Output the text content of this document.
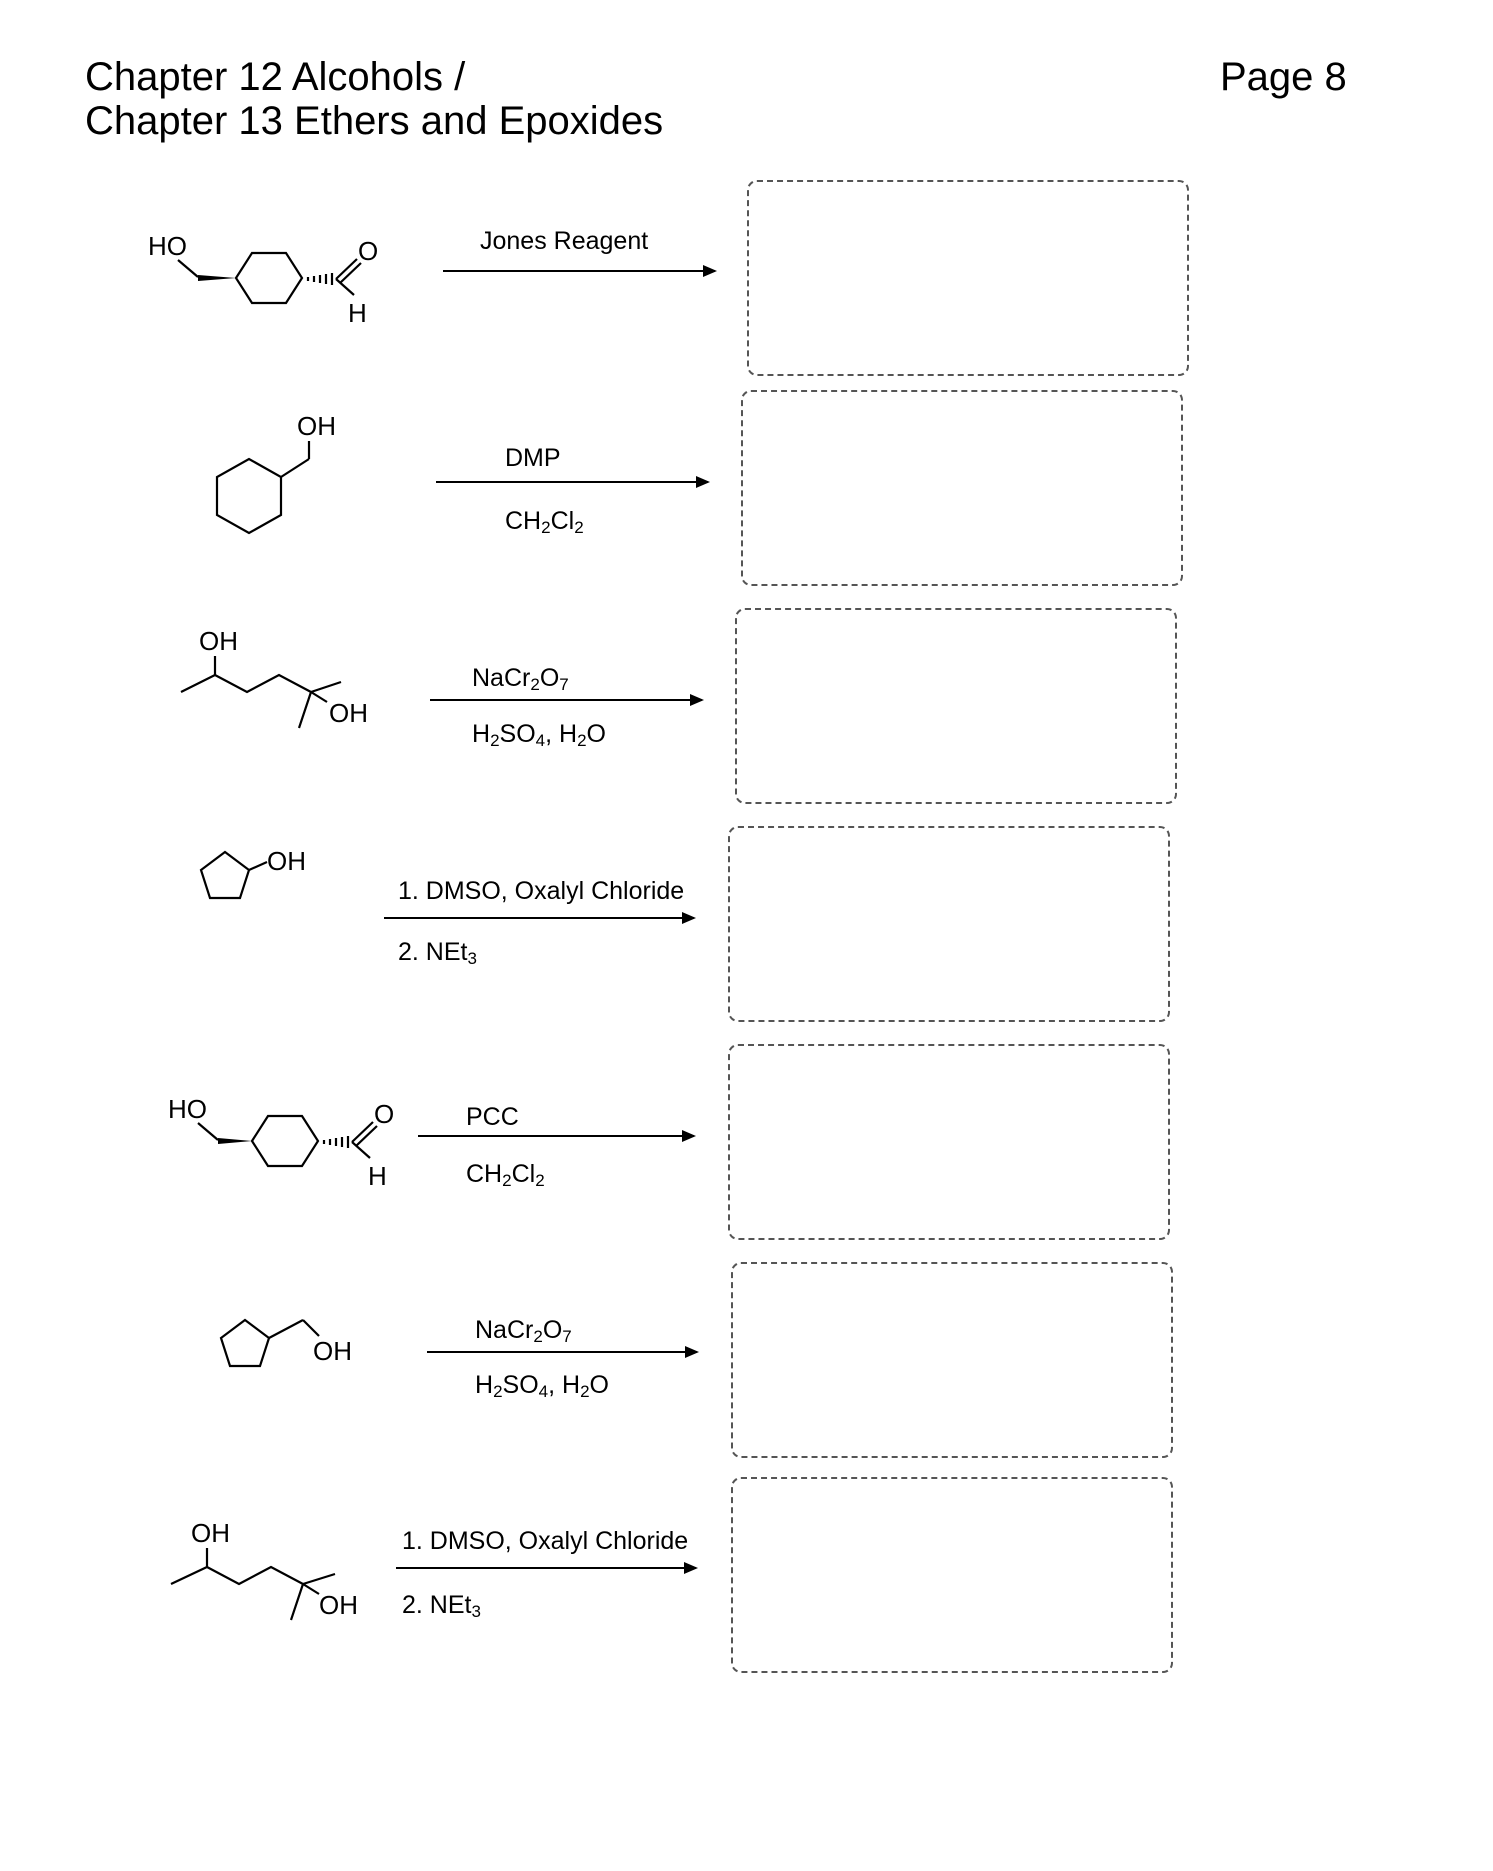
Chapter 12 Alcohols /
Chapter 13 Ethers and Epoxides
Page 8
HO	O
H
Jones Reagent
OH
DMP
$CH_2Cl_2$
OH
OH
$NaCr_2O_7$
$H_2SO_4$, $H_2O$
OH
1. DMSO, Oxalyl Chloride
2. NEt$_3$
HO	O
H
PCC
$CH_2Cl_2$
OH
$NaCr_2O_7$
$H_2SO_4$, $H_2O$
OH
OH
1. DMSO, Oxalyl Chloride
2. NEt$_3$
